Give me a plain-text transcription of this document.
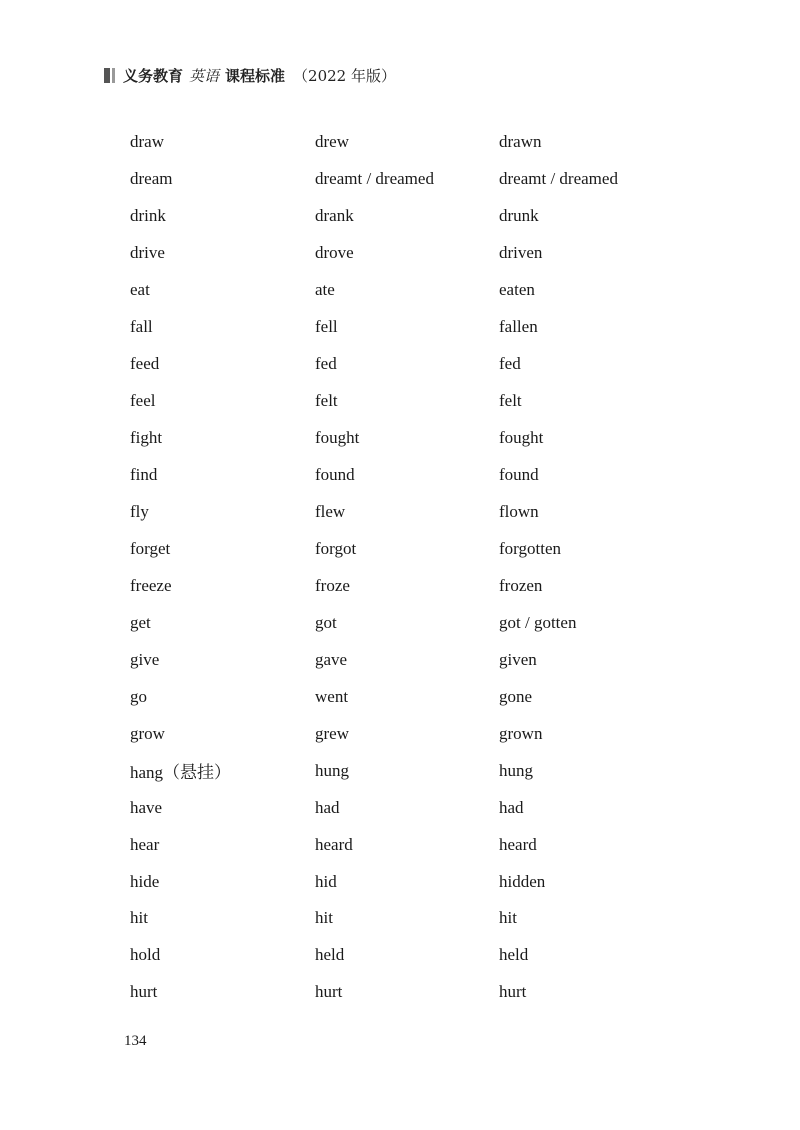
义务教育 英语 课程标准 （2022 年版）
draw	drew	drawn
dream	dreamt / dreamed	dreamt / dreamed
drink	drank	drunk
drive	drove	driven
eat	ate	eaten
fall	fell	fallen
feed	fed	fed
feel	felt	felt
fight	fought	fought
find	found	found
fly	flew	flown
forget	forgot	forgotten
freeze	froze	frozen
get	got	got / gotten
give	gave	given
go	went	gone
grow	grew	grown
hang（悬挂）	hung	hung
have	had	had
hear	heard	heard
hide	hid	hidden
hit	hit	hit
hold	held	held
hurt	hurt	hurt
134
